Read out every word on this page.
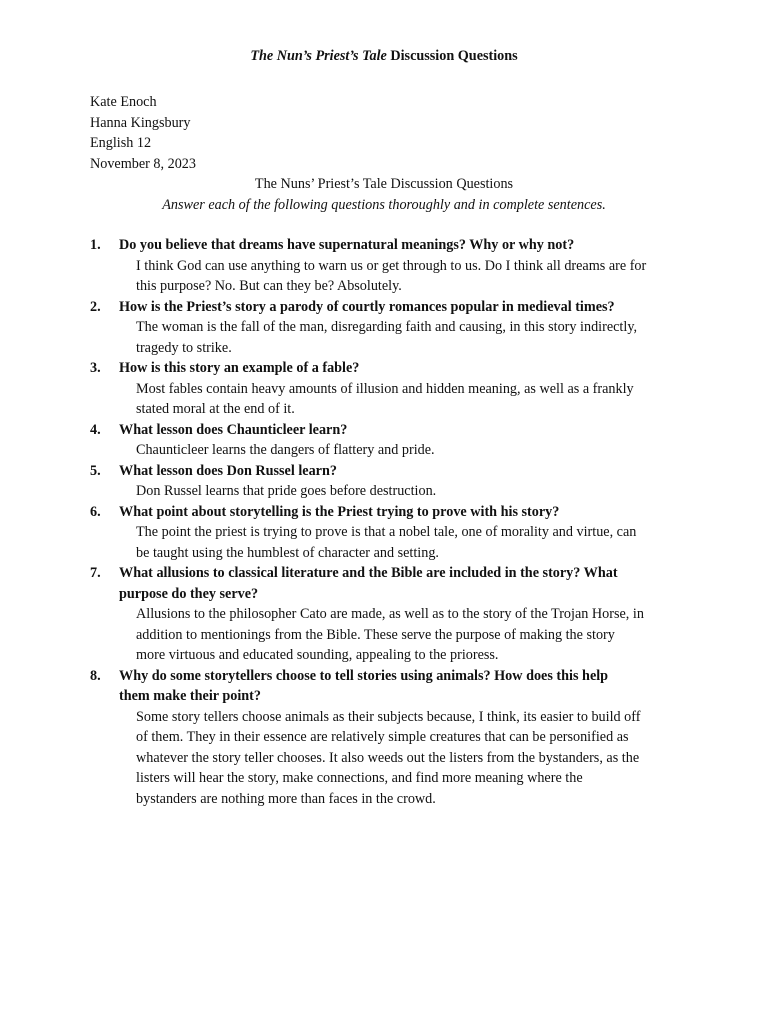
The Nun’s Priest’s Tale Discussion Questions
Kate Enoch
Hanna Kingsbury
English 12
November 8, 2023
The Nuns’ Priest’s Tale Discussion Questions
Answer each of the following questions thoroughly and in complete sentences.
1. Do you believe that dreams have supernatural meanings? Why or why not?
I think God can use anything to warn us or get through to us. Do I think all dreams are for
this purpose? No. But can they be? Absolutely.
2. How is the Priest’s story a parody of courtly romances popular in medieval times?
The woman is the fall of the man, disregarding faith and causing, in this story indirectly,
tragedy to strike.
3. How is this story an example of a fable?
Most fables contain heavy amounts of illusion and hidden meaning, as well as a frankly
stated moral at the end of it.
4. What lesson does Chaunticleer learn?
Chaunticleer learns the dangers of flattery and pride.
5. What lesson does Don Russel learn?
Don Russel learns that pride goes before destruction.
6. What point about storytelling is the Priest trying to prove with his story?
The point the priest is trying to prove is that a nobel tale, one of morality and virtue, can
be taught using the humblest of character and setting.
7. What allusions to classical literature and the Bible are included in the story? What
purpose do they serve?
Allusions to the philosopher Cato are made, as well as to the story of the Trojan Horse, in
addition to mentionings from the Bible. These serve the purpose of making the story
more virtuous and educated sounding, appealing to the prioress.
8. Why do some storytellers choose to tell stories using animals? How does this help
them make their point?
Some story tellers choose animals as their subjects because, I think, its easier to build off
of them. They in their essence are relatively simple creatures that can be personified as
whatever the story teller chooses. It also weeds out the listers from the bystanders, as the
listers will hear the story, make connections, and find more meaning where the
bystanders are nothing more than faces in the crowd.
